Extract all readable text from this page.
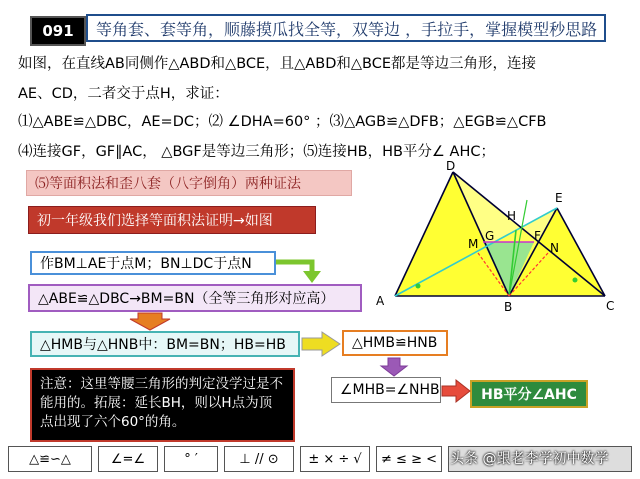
091	等角套、套等角，顺藤摸瓜找全等，双等边 ，手拉手，掌握模型秒思路
如图，在直线AB同侧作△ABD和△BCE，且△ABD和△BCE都是等边三角形，连接
AE、CD，二者交于点H，求证：
⑴△ABE≌△DBC，AE=DC；⑵ ∠DHA=60° ；⑶△AGB≌△DFB；△EGB≌△CFB
⑷连接GF，GF∥AC， △BGF是等边三角形；⑸连接HB，HB平分∠ AHC；
⑸等面积法和歪八套（八字倒角）两种证法
初一年级我们选择等面积法证明→如图
作BM⊥AE于点M；BN⊥DC于点N
△ABE≌△DBC→BM=BN（全等三角形对应高）
△HMB与△HNB中：BM=BN；HB=HB	△HMB≌HNB
∠MHB=∠NHB	HB平分∠AHC
注意：这里等腰三角形的判定没学过是不能用的。拓展：延长BH，则以H点为顶点出现了六个60°的角。
D
E
H
M
G	F
N
A	B	C
△≌∽△	∠=∠	° ′	⊥ // ⊙	± × ÷ √	≠ ≤ ≥ < 头条 @跟老李学初中数学
